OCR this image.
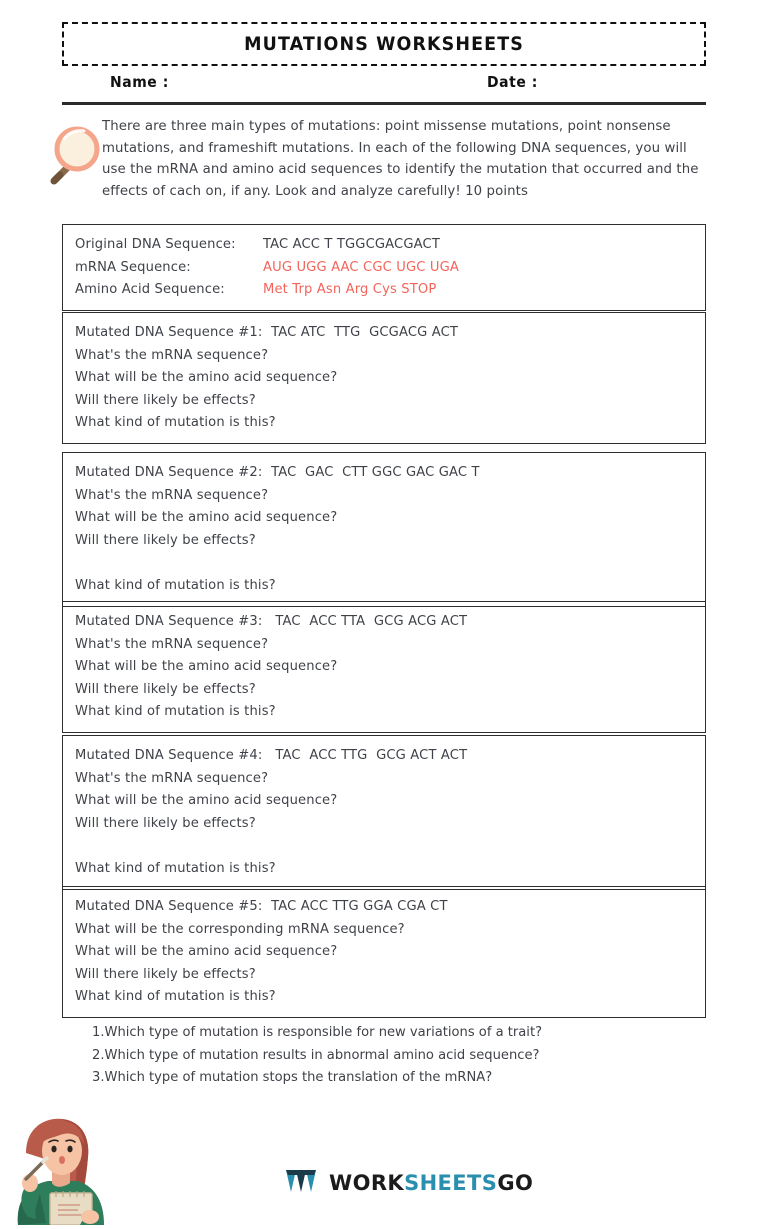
MUTATIONS WORKSHEETS
Name :	Date :
There are three main types of mutations: point missense mutations, point nonsense mutations, and frameshift mutations. In each of the following DNA sequences, you will use the mRNA and amino acid sequences to identify the mutation that occurred and the effects of cach on, if any. Look and analyze carefully! 10 points
Original DNA Sequence:	TAC ACC T TGGCGACGACT
mRNA Sequence:	AUG UGG AAC CGC UGC UGA
Amino Acid Sequence:	Met Trp Asn Arg Cys STOP
Mutated DNA Sequence #1:  TAC ATC  TTG  GCGACG ACT
What's the mRNA sequence?
What will be the amino acid sequence?
Will there likely be effects?
What kind of mutation is this?
Mutated DNA Sequence #2:  TAC  GAC  CTT GGC GAC GAC T
What's the mRNA sequence?
What will be the amino acid sequence?
Will there likely be effects?

What kind of mutation is this?
Mutated DNA Sequence #3:   TAC  ACC TTA  GCG ACG ACT
What's the mRNA sequence?
What will be the amino acid sequence?
Will there likely be effects?
What kind of mutation is this?
Mutated DNA Sequence #4:   TAC  ACC TTG  GCG ACT ACT
What's the mRNA sequence?
What will be the amino acid sequence?
Will there likely be effects?

What kind of mutation is this?
Mutated DNA Sequence #5:  TAC ACC TTG GGA CGA CT
What will be the corresponding mRNA sequence?
What will be the amino acid sequence?
Will there likely be effects?
What kind of mutation is this?
1.Which type of mutation is responsible for new variations of a trait?
2.Which type of mutation results in abnormal amino acid sequence?
3.Which type of mutation stops the translation of the mRNA?
WORK SHEETS GO
